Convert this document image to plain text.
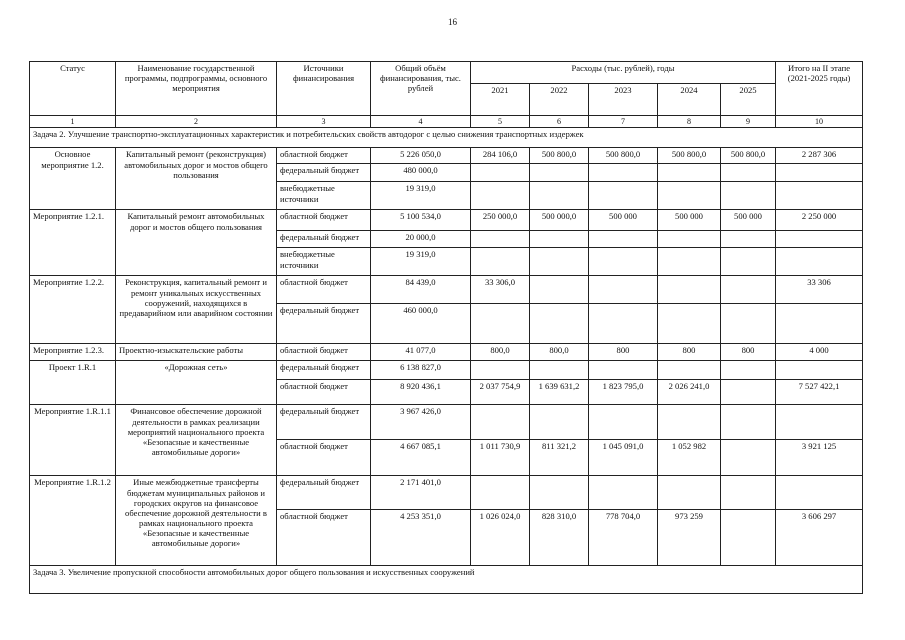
16
Статус	Наименование государственной программы, подпрограммы, основного мероприятия	Источники финансирования	Общий объём финансирования, тыс. рублей	Расходы (тыс. рублей), годы					Итого на II этапе (2021-2025 годы)
				2021	2022	2023	2024	2025	
1	2	3	4	5	6	7	8	9	10
Задача 2. Улучшение транспортно-эксплуатационных характеристик и потребительских свойств автодорог с целью снижения транспортных издержек									
Основное мероприятие 1.2.	Капитальный ремонт (реконструкция) автомобильных дорог и мостов общего пользования	областной бюджет	5 226 050,0	284 106,0	500 800,0	500 800,0	500 800,0	500 800,0	2 287 306
		федеральный бюджет	480 000,0						
		внебюджетные источники	19 319,0						
Мероприятие 1.2.1.	Капитальный ремонт автомобильных дорог и мостов общего пользования	областной бюджет	5 100 534,0	250 000,0	500 000,0	500 000	500 000	500 000	2 250 000
		федеральный бюджет	20 000,0						
		внебюджетные источники	19 319,0						
Мероприятие 1.2.2.	Реконструкция, капитальный ремонт и ремонт уникальных искусственных сооружений, находящихся в предаварийном или аварийном состоянии	областной бюджет	84 439,0	33 306,0					33 306
		федеральный бюджет	460 000,0						
Мероприятие 1.2.3.	Проектно-изыскательские работы	областной бюджет	41 077,0	800,0	800,0	800	800	800	4 000
Проект 1.R.1	«Дорожная сеть»	федеральный бюджет	6 138 827,0						
		областной бюджет	8 920 436,1	2 037 754,9	1 639 631,2	1 823 795,0	2 026 241,0		7 527 422,1
Мероприятие 1.R.1.1	Финансовое обеспечение дорожной деятельности в рамках реализации мероприятий национального проекта «Безопасные и качественные автомобильные дороги»	федеральный бюджет	3 967 426,0						
		областной бюджет	4 667 085,1	1 011 730,9	811 321,2	1 045 091,0	1 052 982		3 921 125
Мероприятие 1.R.1.2	Иные межбюджетные трансферты бюджетам муниципальных районов и городских округов на финансовое обеспечение дорожной деятельности в рамках национального проекта «Безопасные и качественные автомобильные дороги»	федеральный бюджет	2 171 401,0						
		областной бюджет	4 253 351,0	1 026 024,0	828 310,0	778 704,0	973 259		3 606 297
Задача 3. Увеличение пропускной способности автомобильных дорог общего пользования и искусственных сооружений									
